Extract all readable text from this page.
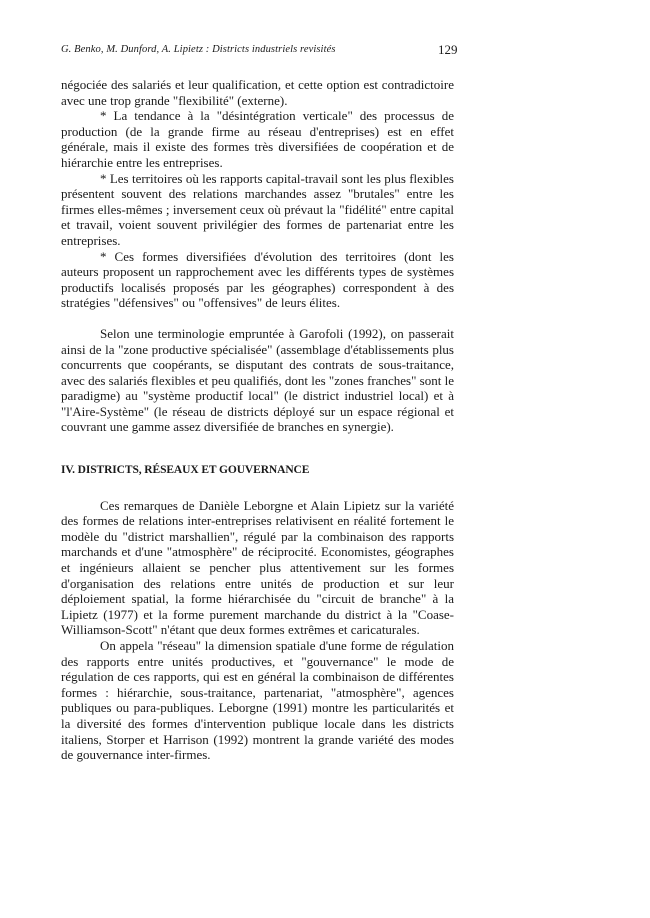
G. Benko, M. Dunford, A. Lipietz : Districts industriels revisités	129

négociée des salariés et leur qualification, et cette option est contradictoire avec une trop grande "flexibilité" (externe).

* La tendance à la "désintégration verticale" des processus de production (de la grande firme au réseau d'entreprises) est en effet générale, mais il existe des formes très diversifiées de coopération et de hiérarchie entre les entreprises.

* Les territoires où les rapports capital-travail sont les plus flexibles présentent souvent des relations marchandes assez "brutales" entre les firmes elles-mêmes ; inversement ceux où prévaut la "fidélité" entre capital et travail, voient souvent privilégier des formes de partenariat entre les entreprises.

* Ces formes diversifiées d'évolution des territoires (dont les auteurs proposent un rapprochement avec les différents types de systèmes productifs localisés proposés par les géographes) correspondent à des stratégies "défensives" ou "offensives" de leurs élites.

Selon une terminologie empruntée à Garofoli (1992), on passerait ainsi de la "zone productive spécialisée" (assemblage d'établissements plus concurrents que coopérants, se disputant des contrats de sous-traitance, avec des salariés flexibles et peu qualifiés, dont les "zones franches" sont le paradigme) au "système productif local" (le district industriel local) et à "l'Aire-Système" (le réseau de districts déployé sur un espace régional et couvrant une gamme assez diversifiée de branches en synergie).

IV. DISTRICTS, RÉSEAUX ET GOUVERNANCE

Ces remarques de Danièle Leborgne et Alain Lipietz sur la variété des formes de relations inter-entreprises relativisent en réalité fortement le modèle du "district marshallien", régulé par la combinaison des rapports marchands et d'une "atmosphère" de réciprocité. Economistes, géographes et ingénieurs allaient se pencher plus attentivement sur les formes d'organisation des relations entre unités de production et sur leur déploiement spatial, la forme hiérarchisée du "circuit de branche" à la Lipietz (1977) et la forme purement marchande du district à la "Coase-Williamson-Scott" n'étant que deux formes extrêmes et caricaturales.

On appela "réseau" la dimension spatiale d'une forme de régulation des rapports entre unités productives, et "gouvernance" le mode de régulation de ces rapports, qui est en général la combinaison de différentes formes : hiérarchie, sous-traitance, partenariat, "atmosphère", agences publiques ou para-publiques. Leborgne (1991) montre les particularités et la diversité des formes d'intervention publique locale dans les districts italiens, Storper et Harrison (1992) montrent la grande variété des modes de gouvernance inter-firmes.
